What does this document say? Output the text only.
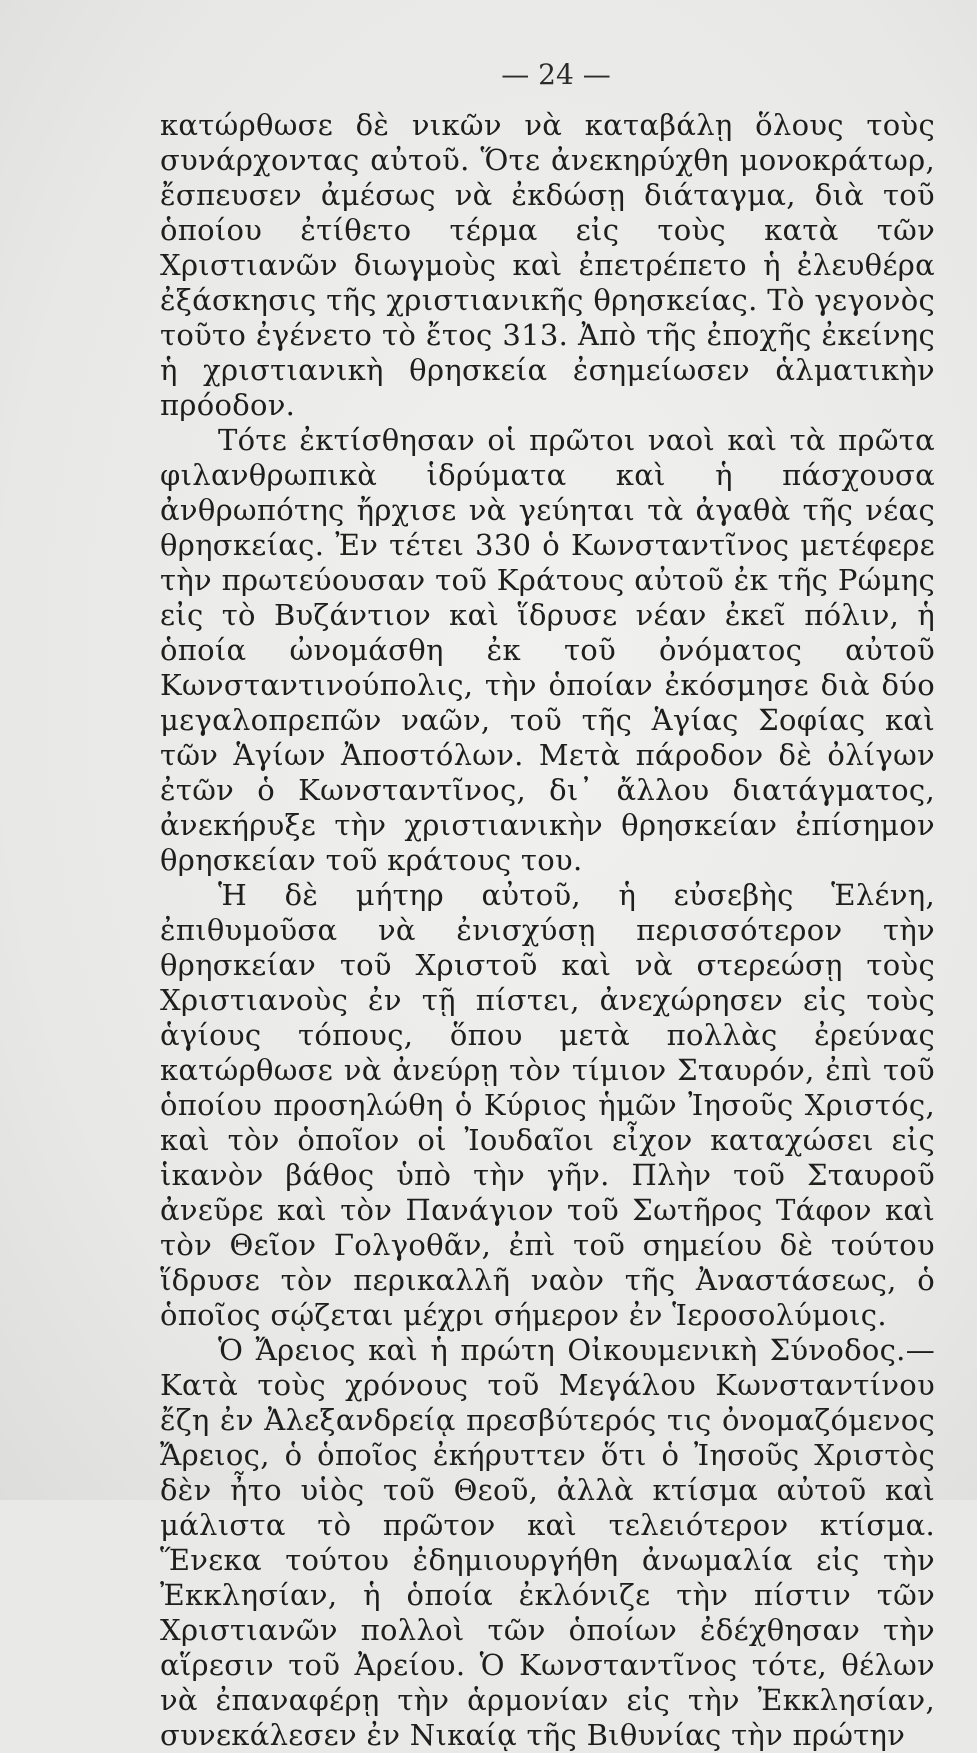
— 24 —

κατώρθωσε δὲ νικῶν νὰ καταβάλῃ ὅλους τοὺς συνάρχοντας αὐτοῦ. Ὅτε ἀνεκηρύχθη μονοκράτωρ, ἔσπευσεν ἀμέσως νὰ ἐκδώσῃ διάταγμα, διὰ τοῦ ὁποίου ἐτίθετο τέρμα εἰς τοὺς κατὰ τῶν Χριστιανῶν διωγμοὺς καὶ ἐπετρέπετο ἡ ἐλευθέρα ἐξάσκησις τῆς χριστιανικῆς θρησκείας. Τὸ γεγονὸς τοῦτο ἐγένετο τὸ ἔτος 313. Ἀπὸ τῆς ἐποχῆς ἐκείνης ἡ χριστιανικὴ θρησκεία ἐσημείωσεν ἁλματικὴν πρόοδον.

Τότε ἐκτίσθησαν οἱ πρῶτοι ναοὶ καὶ τὰ πρῶτα φιλανθρωπικὰ ἱδρύματα καὶ ἡ πάσχουσα ἀνθρωπότης ἤρχισε νὰ γεύηται τὰ ἀγαθὰ τῆς νέας θρησκείας. Ἐν τέτει 330 ὁ Κωνσταντῖνος μετέφερε τὴν πρωτεύουσαν τοῦ Κράτους αὐτοῦ ἐκ τῆς Ρώμης εἰς τὸ Βυζάντιον καὶ ἵδρυσε νέαν ἐκεῖ πόλιν, ἡ ὁποία ὠνομάσθη ἐκ τοῦ ὀνόματος αὐτοῦ Κωνσταντινούπολις, τὴν ὁποίαν ἐκόσμησε διὰ δύο μεγαλοπρεπῶν ναῶν, τοῦ τῆς Ἁγίας Σοφίας καὶ τῶν Ἁγίων Ἀποστόλων. Μετὰ πάροδον δὲ ὀλίγων ἐτῶν ὁ Κωνσταντῖνος, δι᾽ ἄλλου διατάγματος, ἀνεκήρυξε τὴν χριστιανικὴν θρησκείαν ἐπίσημον θρησκείαν τοῦ κράτους του.

Ἡ δὲ μήτηρ αὐτοῦ, ἡ εὐσεβὴς Ἑλένη, ἐπιθυμοῦσα νὰ ἐνισχύσῃ περισσότερον τὴν θρησκείαν τοῦ Χριστοῦ καὶ νὰ στερεώσῃ τοὺς Χριστιανοὺς ἐν τῇ πίστει, ἀνεχώρησεν εἰς τοὺς ἁγίους τόπους, ὅπου μετὰ πολλὰς ἐρεύνας κατώρθωσε νὰ ἀνεύρῃ τὸν τίμιον Σταυρόν, ἐπὶ τοῦ ὁποίου προσηλώθη ὁ Κύριος ἡμῶν Ἰησοῦς Χριστός, καὶ τὸν ὁποῖον οἱ Ἰουδαῖοι εἶχον καταχώσει εἰς ἱκανὸν βάθος ὑπὸ τὴν γῆν. Πλὴν τοῦ Σταυροῦ ἀνεῦρε καὶ τὸν Πανάγιον τοῦ Σωτῆρος Τάφον καὶ τὸν Θεῖον Γολγοθᾶν, ἐπὶ τοῦ σημείου δὲ τούτου ἵδρυσε τὸν περικαλλῆ ναὸν τῆς Ἀναστάσεως, ὁ ὁποῖος σῴζεται μέχρι σήμερον ἐν Ἱεροσολύμοις.

Ὁ Ἄρειος καὶ ἡ πρώτη Οἰκουμενικὴ Σύνοδος.—Κατὰ τοὺς χρόνους τοῦ Μεγάλου Κωνσταντίνου ἔζη ἐν Ἀλεξανδρείᾳ πρεσβύτερός τις ὀνομαζόμενος Ἄρειος, ὁ ὁποῖος ἐκήρυττεν ὅτι ὁ Ἰησοῦς Χριστὸς δὲν ἦτο υἱὸς τοῦ Θεοῦ, ἀλλὰ κτίσμα αὐτοῦ καὶ μάλιστα τὸ πρῶτον καὶ τελειότερον κτίσμα. Ἕνεκα τούτου ἐδημιουργήθη ἀνωμαλία εἰς τὴν Ἐκκλησίαν, ἡ ὁποία ἐκλόνιζε τὴν πίστιν τῶν Χριστιανῶν πολλοὶ τῶν ὁποίων ἐδέχθησαν τὴν αἵρεσιν τοῦ Ἀρείου. Ὁ Κωνσταντῖνος τότε, θέλων νὰ ἐπαναφέρῃ τὴν ἁρμονίαν εἰς τὴν Ἐκκλησίαν, συνεκάλεσεν ἐν Νικαίᾳ τῆς Βιθυνίας τὴν πρώτην
